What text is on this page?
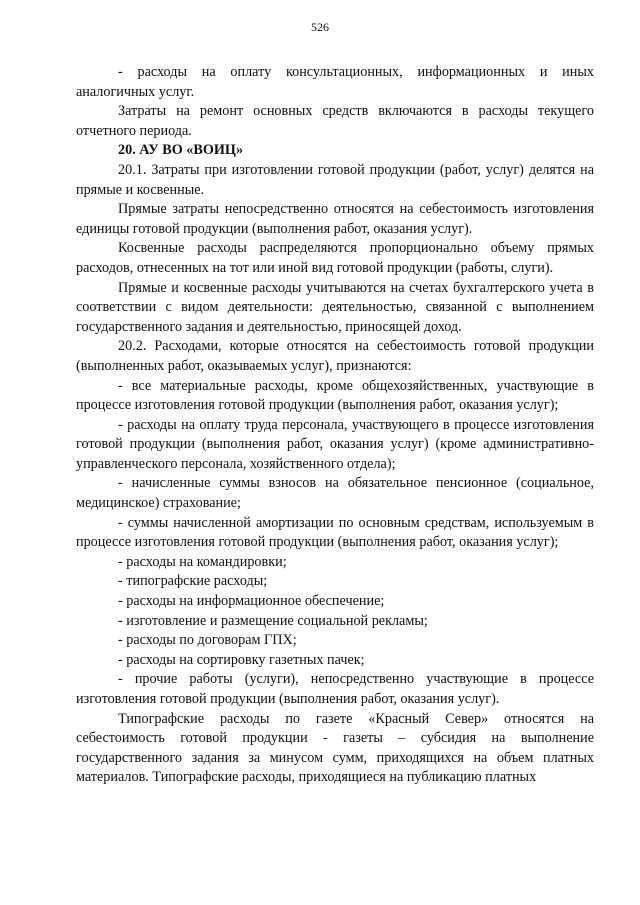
526

- расходы на оплату консультационных, информационных и иных аналогичных услуг.

Затраты на ремонт основных средств включаются в расходы текущего отчетного периода.

20. АУ ВО «ВОИЦ»

20.1. Затраты при изготовлении готовой продукции (работ, услуг) делятся на прямые и косвенные.

Прямые затраты непосредственно относятся на себестоимость изготовления единицы готовой продукции (выполнения работ, оказания услуг).

Косвенные расходы распределяются пропорционально объему прямых расходов, отнесенных на тот или иной вид готовой продукции (работы, слуги).

Прямые и косвенные расходы учитываются на счетах бухгалтерского учета в соответствии с видом деятельности: деятельностью, связанной с выполнением государственного задания и деятельностью, приносящей доход.

20.2. Расходами, которые относятся на себестоимость готовой продукции (выполненных работ, оказываемых услуг), признаются:

- все материальные расходы, кроме общехозяйственных, участвующие в процессе изготовления готовой продукции (выполнения работ, оказания услуг);

- расходы на оплату труда персонала, участвующего в процессе изготовления готовой продукции (выполнения работ, оказания услуг) (кроме административно-управленческого персонала, хозяйственного отдела);

- начисленные суммы взносов на обязательное пенсионное (социальное, медицинское) страхование;

- суммы начисленной амортизации по основным средствам, используемым в процессе изготовления готовой продукции (выполнения работ, оказания услуг);

- расходы на командировки;

- типографские расходы;

- расходы на информационное обеспечение;

- изготовление и размещение социальной рекламы;

- расходы по договорам ГПХ;

- расходы на сортировку газетных пачек;

- прочие работы (услуги), непосредственно участвующие в процессе изготовления готовой продукции (выполнения работ, оказания услуг).

Типографские расходы по газете «Красный Север» относятся на себестоимость готовой продукции - газеты – субсидия на выполнение государственного задания за минусом сумм, приходящихся на объем платных материалов. Типографские расходы, приходящиеся на публикацию платных
